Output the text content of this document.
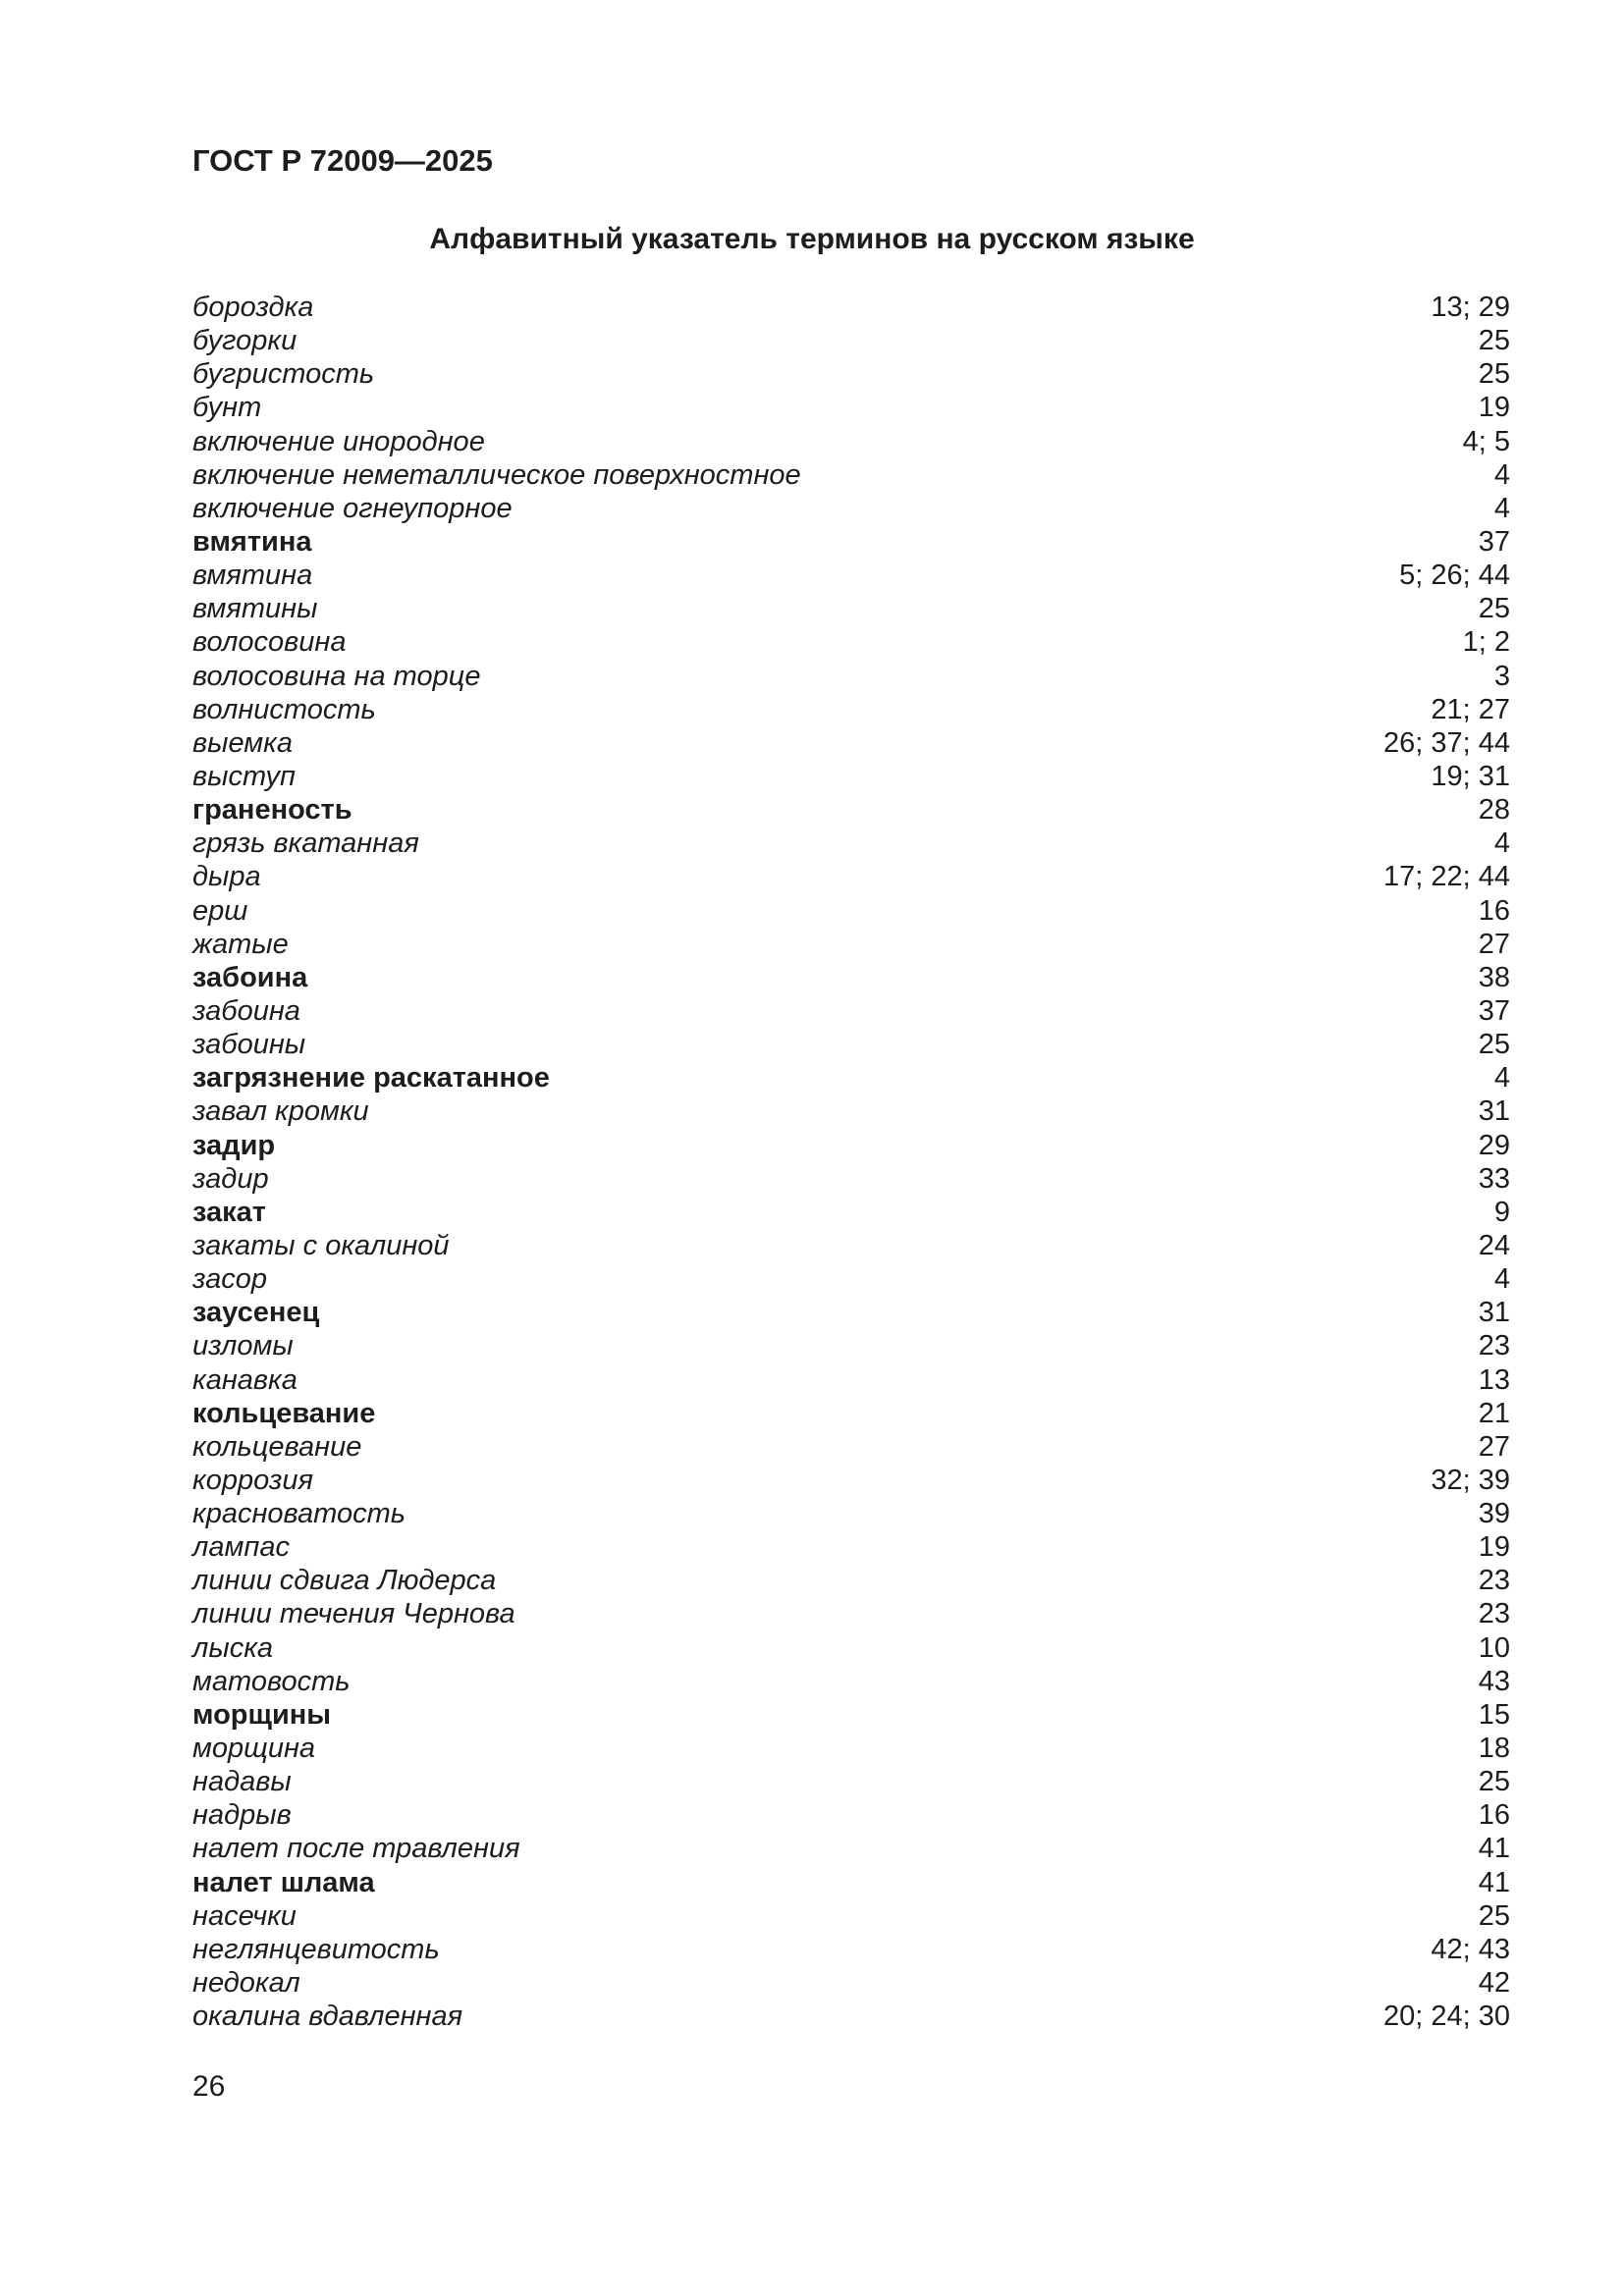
ГОСТ Р 72009—2025
Алфавитный указатель терминов на русском языке
бороздка	13; 29
бугорки	25
бугристость	25
бунт	19
включение инородное	4; 5
включение неметаллическое поверхностное	4
включение огнеупорное	4
вмятина	37
вмятина	5; 26; 44
вмятины	25
волосовина	1; 2
волосовина на торце	3
волнистость	21; 27
выемка	26; 37; 44
выступ	19; 31
граненость	28
грязь вкатанная	4
дыра	17; 22; 44
ерш	16
жатые	27
забоина	38
забоина	37
забоины	25
загрязнение раскатанное	4
завал кромки	31
задир	29
задир	33
закат	9
закаты с окалиной	24
засор	4
заусенец	31
изломы	23
канавка	13
кольцевание	21
кольцевание	27
коррозия	32; 39
красноватость	39
лампас	19
линии сдвига Людерса	23
линии течения Чернова	23
лыска	10
матовость	43
морщины	15
морщина	18
надавы	25
надрыв	16
налет после травления	41
налет шлама	41
насечки	25
неглянцевитость	42; 43
недокал	42
окалина вдавленная	20; 24; 30
26
